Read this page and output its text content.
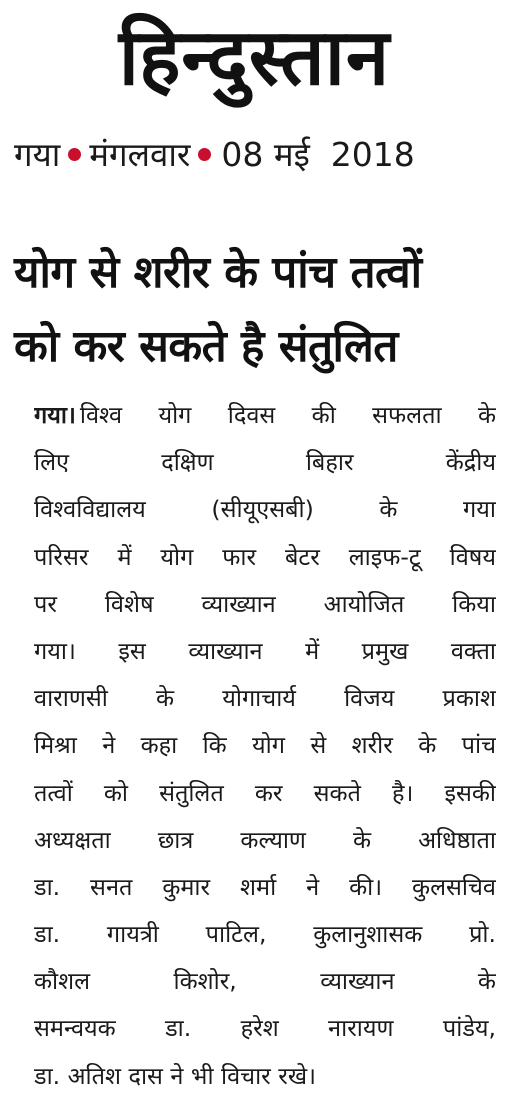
हिन्दुस्तान
गया मंगलवार 08 मई 2018
योग से शरीर के पांच तत्वों
को कर सकते है संतुलित
गया। विश्व योग दिवस की सफलता के
लिए दक्षिण बिहार केंद्रीय
विश्वविद्यालय (सीयूएसबी) के गया
परिसर में योग फार बेटर लाइफ-टू विषय
पर विशेष व्याख्यान आयोजित किया
गया। इस व्याख्यान में प्रमुख वक्ता
वाराणसी के योगाचार्य विजय प्रकाश
मिश्रा ने कहा कि योग से शरीर के पांच
तत्वों को संतुलित कर सकते है। इसकी
अध्यक्षता छात्र कल्याण के अधिष्ठाता
डा. सनत कुमार शर्मा ने की। कुलसचिव
डा. गायत्री पाटिल, कुलानुशासक प्रो.
कौशल किशोर, व्याख्यान के
समन्वयक डा. हरेश नारायण पांडेय,
डा. अतिश दास ने भी विचार रखे।
